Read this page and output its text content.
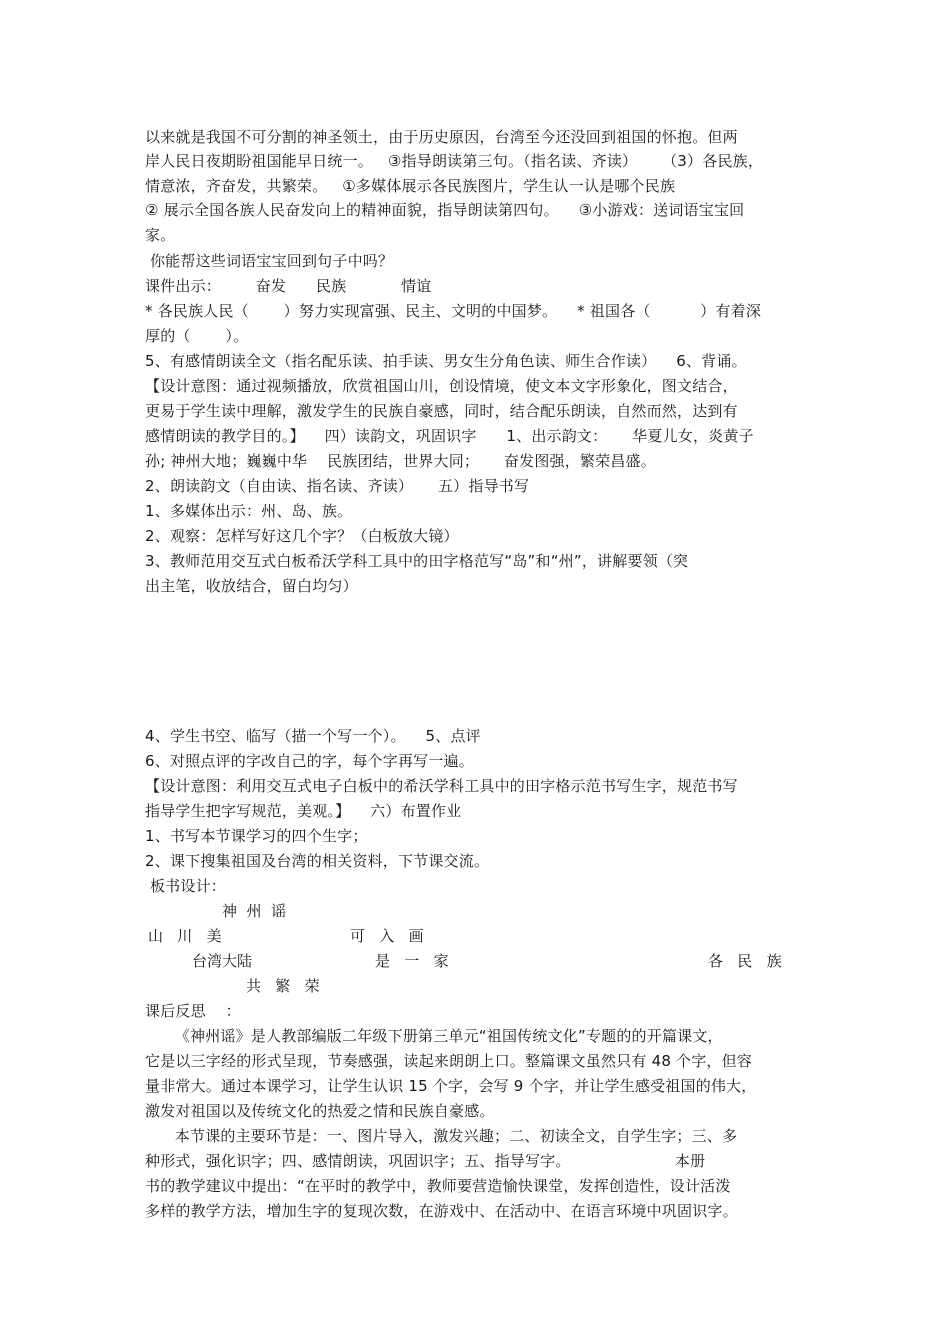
以来就是我国不可分割的神圣领土，由于历史原因，台湾至今还没回到祖国的怀抱。但两
岸人民日夜期盼祖国能早日统一。   ③指导朗读第三句。（指名读、齐读）     （3）各民族，
情意浓，齐奋发，共繁荣。   ①多媒体展示各民族图片，学生认一认是哪个民族
② 展示全国各族人民奋发向上的精神面貌，指导朗读第四句。    ③小游戏：送词语宝宝回
家。
你能帮这些词语宝宝回到句子中吗？
课件出示：       奋发      民族           情谊
* 各民族人民（       ）努力实现富强、民主、文明的中国梦。    * 祖国各（          ）有着深
厚的（       ）。
5、有感情朗读全文（指名配乐读、拍手读、男女生分角色读、师生合作读）    6、背诵。
【设计意图：通过视频播放，欣赏祖国山川，创设情境，使文本文字形象化，图文结合，
更易于学生读中理解，激发学生的民族自豪感，同时，结合配乐朗读，自然而然，达到有
感情朗读的教学目的。】    四）读韵文，巩固识字      1、出示韵文：     华夏儿女，炎黄子
孙; 神州大地；巍巍中华    民族团结，世界大同；     奋发图强，繁荣昌盛。
2、朗读韵文（自由读、指名读、齐读）     五）指导书写
1、多媒体出示：州、岛、族。
2、观察：怎样写好这几个字？（白板放大镜）
3、教师范用交互式白板希沃学科工具中的田字格范写“岛”和“州”，讲解要领（突
出主笔，收放结合，留白均匀）
4、学生书空、临写（描一个写一个）。    5、点评
6、对照点评的字改自己的字，每个字再写一遍。
【设计意图：利用交互式电子白板中的希沃学科工具中的田字格示范书写生字，规范书写
指导学生把字写规范，美观。】    六）布置作业
1、书写本节课学习的四个生字；
2、课下搜集祖国及台湾的相关资料，下节课交流。
板书设计：
神  州  谣
山   川   美	可   入   画
台湾大陆	是   一   家	各   民   族
共   繁   荣
课后反思    ：
《神州谣》是人教部编版二年级下册第三单元“祖国传统文化”专题的的开篇课文，
它是以三字经的形式呈现，节奏感强，读起来朗朗上口。整篇课文虽然只有 48 个字，但容
量非常大。通过本课学习，让学生认识 15 个字，会写 9 个字，并让学生感受祖国的伟大，
激发对祖国以及传统文化的热爱之情和民族自豪感。
本节课的主要环节是：一、图片导入，激发兴趣；二、初读全文，自学生字；三、多
种形式，强化识字；四、感情朗读，巩固识字；五、指导写字。                     本册
书的教学建议中提出：“在平时的教学中，教师要营造愉快课堂，发挥创造性，设计活泼
多样的教学方法，增加生字的复现次数，在游戏中、在活动中、在语言环境中巩固识字。
